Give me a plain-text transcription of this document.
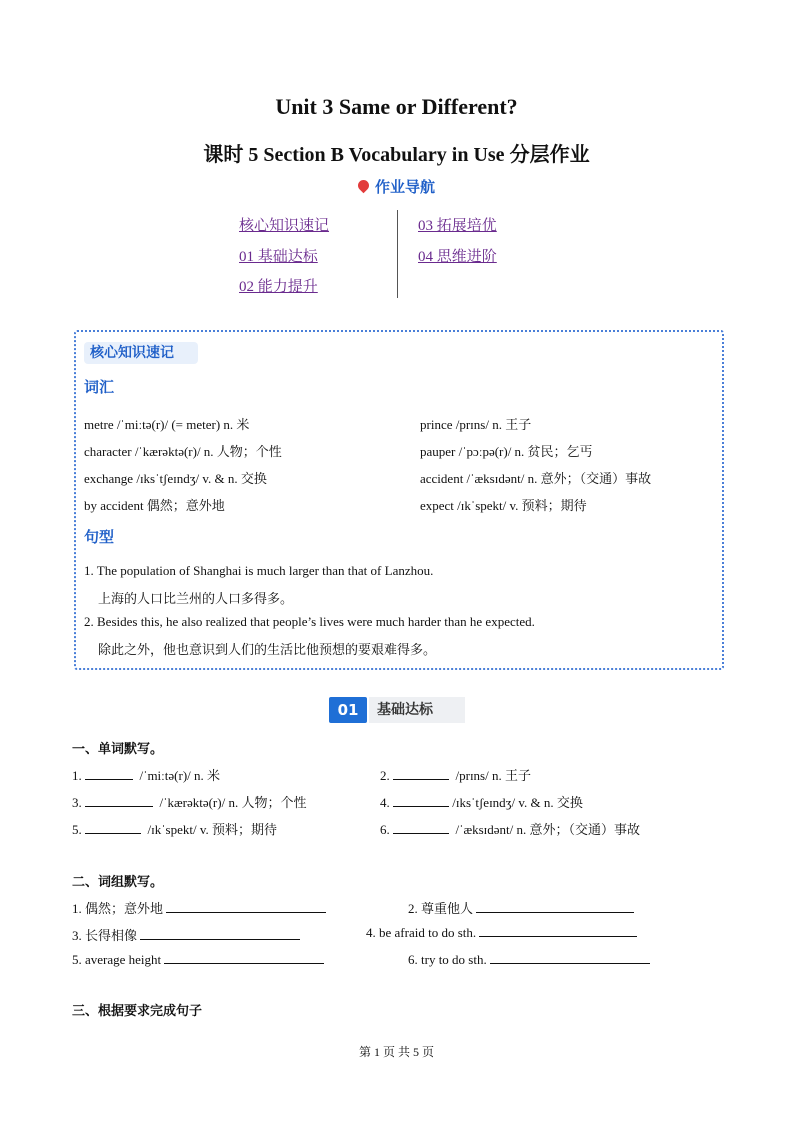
Unit 3 Same or Different?
课时 5 Section B Vocabulary in Use 分层作业
作业导航
核心知识速记
01 基础达标
02 能力提升
03 拓展培优
04 思维进阶
核心知识速记
词汇
metre /ˈmiːtə(r)/ (= meter) n. 米
character /ˈkærəktə(r)/ n. 人物；个性
exchange /ɪksˈtʃeɪndʒ/ v. & n. 交换
by accident 偶然；意外地
prince /prɪns/ n. 王子
pauper /ˈpɔːpə(r)/ n. 贫民；乞丐
accident /ˈæksɪdənt/ n. 意外；（交通）事故
expect /ɪkˈspekt/ v. 预料；期待
句型
1. The population of Shanghai is much larger than that of Lanzhou.
上海的人口比兰州的人口多得多。
2. Besides this, he also realized that people’s lives were much harder than he expected.
除此之外，他也意识到人们的生活比他预想的要艰难得多。
01	基础达标
一、单词默写。
1.	/ˈmiːtə(r)/ n. 米	2.	/prɪns/ n. 王子
3.	/ˈkærəktə(r)/ n. 人物；个性	4.	/ɪksˈtʃeɪndʒ/ v. & n. 交换
5.	/ɪkˈspekt/ v. 预料；期待	6.	/ˈæksɪdənt/ n. 意外；（交通）事故
二、词组默写。
1. 偶然；意外地	2. 尊重他人
3. 长得相像	4. be afraid to do sth.
5. average height	6. try to do sth.
三、根据要求完成句子
第 1 页 共 5 页
